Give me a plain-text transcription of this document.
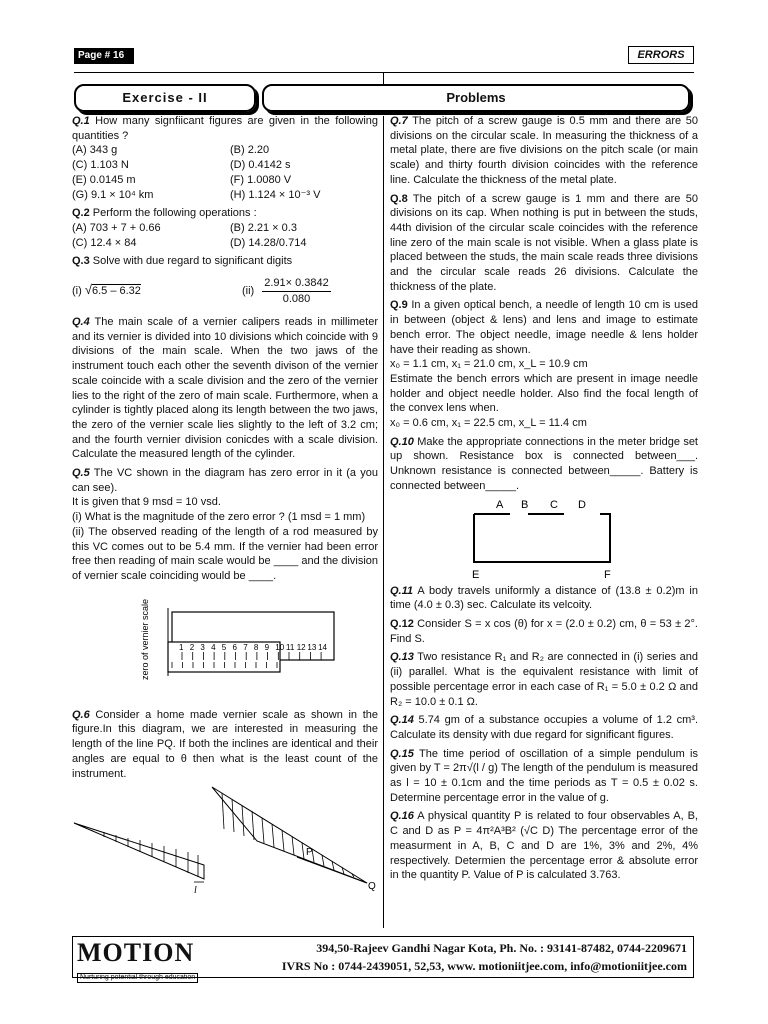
Page # 16	ERRORS
Exercise - II	Problems

Q.1 How many signfiicant figures are given in the following quantities ?

(A) 343 g	(B) 2.20
(C) 1.103 N	(D) 0.4142 s
(E) 0.0145 m	(F) 1.0080 V
(G) 9.1 × 10⁴ km	(H) 1.124 × 10⁻³ V

Q.2 Perform the following operations :

(A) 703 + 7 + 0.66	(B) 2.21 × 0.3
(C) 12.4 × 84	(D) 14.28/0.714

Q.3 Solve with due regard to significant digits

(i) √6.5 – 6.32	(ii)
2.91× 0.3842
0.080

Q.4 The main scale of a vernier calipers reads in millimeter and its vernier is divided into 10 divisions which coincide with 9 divisions of the main scale. When the two jaws of the instrument touch each other the seventh divison of the vernier scale coincide with a scale division and the zero of the vernier lies to the right of the zero of main scale. Furthermore, when a cylinder is tightly placed along its length between the two jaws, the zero of the vernier scale lies slightly to the left of 3.2 cm; and the fourth vernier division conicdes with a scale division. Calculate the measured length of the cylinder.

Q.5 The VC shown in the diagram has zero error in it (a you can see).

It is given that 9 msd = 10 vsd.
(i) What is the magnitude of the zero error ? (1 msd = 1 mm)
(ii) The observed reading of the length of a rod measured by this VC comes out to be 5.4 mm. If the vernier had been error free then reading of main scale would be ____ and the division of vernier scale coinciding would be ____.
zero of vernier scale	1 2 3 4 5 6 7 8 9 10 11 12 13 14

Q.6 Consider a home made vernier scale as shown in the figure.In this diagram, we are interested in measuring the length of the line PQ. If both the inclines are identical and their angles are equal to θ then what is the least count of the instrument.

l
P
Q

Q.7 The pitch of a screw gauge is 0.5 mm and there are 50 divisions on the circular scale. In measuring the thickness of a metal plate, there are five divisions on the pitch scale (or main scale) and thirty fourth division coincides with the reference line. Calculate the thickness of the metal plate.

Q.8 The pitch of a screw gauge is 1 mm and there are 50 divisions on its cap. When nothing is put in between the studs, 44th division of the circular scale coincides with the reference line zero of the main scale is not visible. When a glass plate is placed between the studs, the main scale reads three divisions and the circular scale reads 26 divisions. Calculate the thickness of the plate.

Q.9 In a given optical bench, a needle of length 10 cm is used in between (object & lens) and lens and image to estimate bench error. The object needle, image needle & lens holder have their reading as shown.

x₀ = 1.1 cm, x₁ = 21.0 cm, x_L = 10.9 cm
Estimate the bench errors which are present in image needle holder and object needle holder. Also find the focal length of the convex lens when.
x₀ = 0.6 cm, x₁ = 22.5 cm, x_L = 11.4 cm

Q.10 Make the appropriate connections in the meter bridge set up shown. Resistance box is connected between___. Unknown resistance is connected between_____. Battery is connected between_____.

A B C D
E	F

Q.11 A body travels uniformly a distance of (13.8 ± 0.2)m in time (4.0 ± 0.3) sec. Calculate its velcoity.

Q.12 Consider S = x cos (θ) for x = (2.0 ± 0.2) cm, θ = 53 ± 2°. Find S.

Q.13 Two resistance R₁ and R₂ are connected in (i) series and (ii) parallel. What is the equivalent resistance with limit of possible percentage error in each case of R₁ = 5.0 ± 0.2 Ω and R₂ = 10.0 ± 0.1 Ω.

Q.14 5.74 gm of a substance occupies a volume of 1.2 cm³. Calculate its density with due regard for significant figures.

Q.15 The time period of oscillation of a simple pendulum is given by T = 2π√(l / g) The length of the pendulum is measured as l = 10 ± 0.1cm and the time periods as T = 0.5 ± 0.02 s. Determine percentage error in the value of g.

Q.16 A physical quantity P is related to four observables A, B, C and D as P = 4π²A³B² (√C D) The percentage error of the measurment in A, B, C and D are 1%, 3% and 2%, 4% respectively. Determien the percentage error & absolute error in the quantity P. Value of P is calculated 3.763.

MOTION
Nurturing potential through education
394,50-Rajeev Gandhi Nagar Kota, Ph. No. : 93141-87482, 0744-2209671
IVRS No : 0744-2439051, 52,53, www. motioniitjee.com, info@motioniitjee.com
